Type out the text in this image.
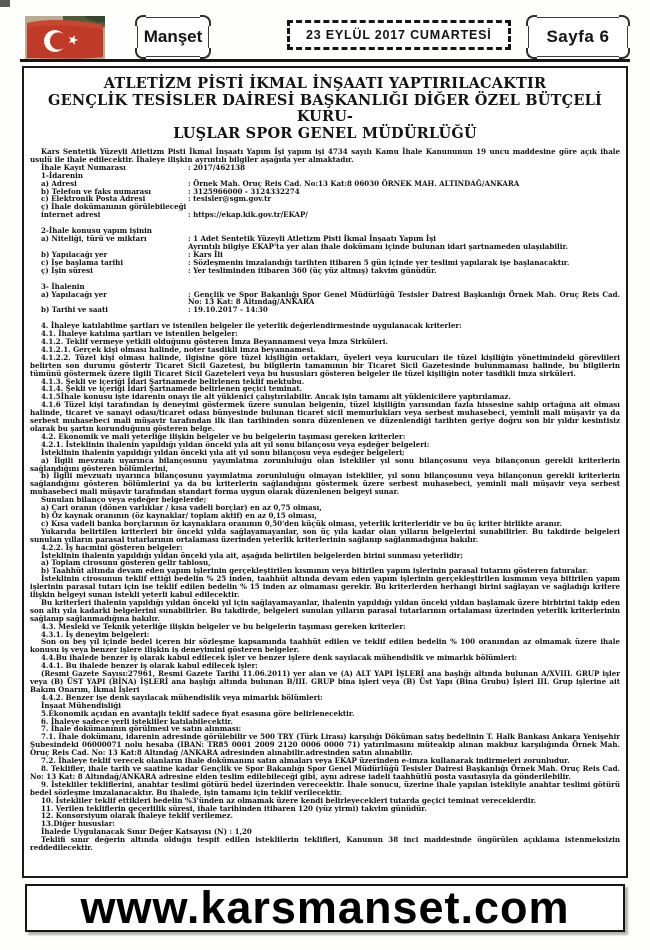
Manşet	23 EYLÜL 2017 CUMARTESİ	Sayfa 6
ATLETİZM PİSTİ İKMAL İNŞAATI YAPTIRILACAKTIR
GENÇLİK TESİSLER DAİRESİ BAŞKANLIĞI DİĞER ÖZEL BÜTÇELİ KURU-
LUŞLAR SPOR GENEL MÜDÜRLÜĞÜ

Kars Sentetik Yüzeyli Atletizm Pisti İkmal İnşaatı Yapım İşi yapım işi 4734 sayılı Kamu İhale Kanununun 19 uncu maddesine göre açık ihale usulü ile ihale edilecektir. İhaleye ilişkin ayrıntılı bilgiler aşağıda yer almaktadır.

İhale Kayıt Numarası	: 2017/462138
1-İdarenin
a) Adresi	: Örnek Mah. Oruç Reis Cad. No:13 Kat:8 06030 ÖRNEK MAH. ALTINDAĞ/ANKARA
b) Telefon ve faks numarası	: 3125966000 - 3124332274
c) Elektronik Posta Adresi	: tesisler@sgm.gov.tr
ç) İhale dokümanının görülebileceği
internet adresi	: https://ekap.kik.gov.tr/EKAP/
2-İhale konusu yapım işinin
a) Niteliği, türü ve miktarı	: 1 Adet Sentetik Yüzeyli Atletizm Pisti İkmal İnşaatı Yapım İşi
Ayrıntılı bilgiye EKAP'ta yer alan ihale dokümanı içinde bulunan idari şartnameden ulaşılabilir.
b) Yapılacağı yer	: Kars İli
c) İşe başlama tarihi	: Sözleşmenin imzalandığı tarihten itibaren 5 gün içinde yer teslimi yapılarak işe başlanacaktır.
ç) İşin süresi	: Yer tesliminden itibaren 360 (üç yüz altmış) takvim günüdür.
3- İhalenin
a) Yapılacağı yer	: Gençlik ve Spor Bakanlığı Spor Genel Müdürlüğü Tesisler Dairesi Başkanlığı Örnek Mah. Oruç Reis Cad. No: 13 Kat: 8 Altındağ/ANKARA
b) Tarihi ve saati	: 19.10.2017 - 14:30

4. İhaleye katılabilme şartları ve istenilen belgeler ile yeterlik değerlendirmesinde uygulanacak kriterler:

4.1. İhaleye katılma şartları ve istenilen belgeler:

4.1.2. Teklif vermeye yetkili olduğunu gösteren İmza Beyannamesi veya İmza Sirküleri.

4.1.2.1. Gerçek kişi olması halinde, noter tasdikli imza beyannamesi.

4.1.2.2. Tüzel kişi olması halinde, ilgisine göre tüzel kişiliğin ortakları, üyeleri veya kurucuları ile tüzel kişiliğin yönetimindeki görevlileri belirten son durumu gösterir Ticaret Sicil Gazetesi, bu bilgilerin tamamının bir Ticaret Sicil Gazetesinde bulunmaması halinde, bu bilgilerin tümünü göstermek üzere ilgili Ticaret Sicil Gazeteleri veya bu hususları gösteren belgeler ile tüzel kişiliğin noter tasdikli imza sirküleri.

4.1.3. Şekli ve içeriği İdari Şartnamede belirlenen teklif mektubu.

4.1.4. Şekli ve içeriği İdari Şartnamede belirlenen geçici teminat.

4.1.5İhale konusu işte idarenin onayı ile alt yüklenici çalıştırılabilir. Ancak işin tamamı alt yüklenicilere yaptırılamaz.

4.1.6 Tüzel kişi tarafından iş deneyimi göstermek üzere sunulan belgenin, tüzel kişiliğin yarısından fazla hissesine sahip ortağına ait olması halinde, ticaret ve sanayi odası/ticaret odası bünyesinde bulunan ticaret sicil memurlukları veya serbest muhasebeci, yeminli mali müşavir ya da serbest muhasebeci mali müşavir tarafından ilk ilan tarihinden sonra düzenlenen ve düzenlendiği tarihten geriye doğru son bir yıldır kesintisiz olarak bu şartın korunduğunu gösteren belge.

4.2. Ekonomik ve mali yeterliğe ilişkin belgeler ve bu belgelerin taşıması gereken kriterler:

4.2.1. İsteklinin ihalenin yapıldığı yıldan önceki yıla ait yıl sonu bilançosu veya eşdeğer belgeleri:

İsteklinin ihalenin yapıldığı yıldan önceki yıla ait yıl sonu bilançosu veya eşdeğer belgeleri;

a) İlgili mevzuatı uyarınca bilançosunu yayımlatma zorunluluğu olan istekliler yıl sonu bilançosunu veya bilançonun gerekli kriterlerin sağlandığını gösteren bölümlerini,

b) İlgili mevzuatı uyarınca bilançosunu yayımlatma zorunluluğu olmayan istekliler, yıl sonu bilançosunu veya bilançonun gerekli kriterlerin sağlandığını gösteren bölümlerini ya da bu kriterlerin sağlandığını göstermek üzere serbest muhasebeci, yeminli mali müşavir veya serbest muhasebeci mali müşavir tarafından standart forma uygun olarak düzenlenen belgeyi sunar.

Sunulan bilanço veya eşdeğer belgelerde;

a) Cari oranın (dönen varlıklar / kısa vadeli borçlar) en az 0,75 olması,

b) Öz kaynak oranının (öz kaynaklar/ toplam aktif) en az 0,15 olması,

c) Kısa vadeli banka borçlarının öz kaynaklara oranının 0,50'den küçük olması, yeterlik kriterleridir ve bu üç kriter birlikte aranır.

Yukarıda belirtilen kriterleri bir önceki yılda sağlayamayanlar, son üç yıla kadar olan yılların belgelerini sunabilirler. Bu takdirde belgeleri sunulan yılların parasal tutarlarının ortalaması üzerinden yeterlik kriterlerinin sağlanıp sağlanmadığına bakılır.

4.2.2. İş hacmini gösteren belgeler:

İsteklinin ihalenin yapıldığı yıldan önceki yıla ait, aşağıda belirtilen belgelerden birini sunması yeterlidir;

a) Toplam cirosunu gösteren gelir tablosu,

b) Taahhüt altında devam eden yapım işlerinin gerçekleştirilen kısmının veya bitirilen yapım işlerinin parasal tutarını gösteren faturalar.

İsteklinin cirosunun teklif ettiği bedelin % 25 inden, taahhüt altında devam eden yapım işlerinin gerçekleştirilen kısmının veya bitirilen yapım işlerinin parasal tutarı için ise teklif edilen bedelin % 15 inden az olmaması gerekir. Bu kriterlerden herhangi birini sağlayan ve sağladığı kritere ilişkin belgeyi sunan istekli yeterli kabul edilecektir.

Bu kriterleri ihalenin yapıldığı yıldan önceki yıl için sağlayamayanlar, ihalenin yapıldığı yıldan önceki yıldan başlamak üzere birbirini takip eden son altı yıla kadarki belgelerini sunabilirler. Bu takdirde, belgeleri sunulan yılların parasal tutarlarının ortalaması üzerinden yeterlik kriterlerinin sağlanıp sağlanmadığına bakılır.

4.3. Mesleki ve Teknik yeterliğe ilişkin belgeler ve bu belgelerin taşıması gereken kriterler:

4.3.1. İş deneyim belgeleri:

Son on beş yıl içinde bedel içeren bir sözleşme kapsamında taahhüt edilen ve teklif edilen bedelin % 100 oranından az olmamak üzere ihale konusu iş veya benzer işlere ilişkin iş deneyimini gösteren belgeler.

4.4.Bu ihalede benzer iş olarak kabul edilecek işler ve benzer işlere denk sayılacak mühendislik ve mimarlık bölümleri:

4.4.1. Bu ihalede benzer iş olarak kabul edilecek işler:

(Resmi Gazete Sayısı:27961, Resmi Gazete Tarihi 11.06.2011) yer alan ve (A) ALT YAPI İŞLERİ ana başlığı altında bulunan A/XVIII. GRUP işler veya (B) ÜST YAPI (BİNA) İŞLERİ ana başlığı altında bulunan B/III. GRUP bina işleri veya (B) Üst Yapı (Bina Grubu) İşleri III. Grup işlerine ait Bakım Onarım, İkmal İşleri

4.4.2. Benzer işe denk sayılacak mühendislik veya mimarlık bölümleri:

İnşaat Mühendisliği

5.Ekonomik açıdan en avantajlı teklif sadece fiyat esasına göre belirlenecektir.

6. İhaleye sadece yerli istekliler katılabilecektir.

7. İhale dokümanının görülmesi ve satın alınması:

7.1. İhale dokümanı, idarenin adresinde görülebilir ve 500 TRY (Türk Lirası) karşılığı Döküman satış bedelinin T. Halk Bankası Ankara Yenişehir Şubesindeki 06000071 nolu hesaba (IBAN: TR85 0001 2009 2120 0006 0000 71) yatırılmasını müteakip alınan makbuz karşılığında Örnek Mah. Oruç Reis Cad. No: 13 Kat:8 Altındağ /ANKARA adresinden alınabilir.adresinden satın alınabilir.

7.2. İhaleye teklif verecek olanların ihale dokümanını satın almaları veya EKAP üzerinden e-imza kullanarak indirmeleri zorunludur.

8. Teklifler, ihale tarih ve saatine kadar Gençlik ve Spor Bakanlığı Spor Genel Müdürlüğü Tesisler Dairesi Başkanlığı Örnek Mah. Oruç Reis Cad. No: 13 Kat: 8 Altındağ/ANKARA adresine elden teslim edilebileceği gibi, aynı adrese iadeli taahhütlü posta vasıtasıyla da gönderilebilir.

9. İstekliler tekliflerini, anahtar teslimi götürü bedel üzerinden vereceektir. İhale sonucu, üzerine ihale yapılan istekliyle anahtar teslimi götürü bedel sözleşme imzalanacaktır. Bu ihalede, işin tamamı için teklif verilecektir.

10. İstekliler teklif ettikleri bedelin %3'ünden az olmamak üzere kendi belirleyecekleri tutarda geçici teminat vereceklerdir.

11. Verilen tekliflerin geçerlilik süresi, ihale tarihinden itibaren 120 (yüz yirmi) takvim günüdür.

12. Konsorsiyum olarak ihaleye teklif verilemez.

13.Diğer hususlar:

İhalede Uygulanacak Sınır Değer Katsayısı (N) : 1,20

Teklifi sınır değerin altında olduğu tespit edilen isteklilerin teklifleri, Kanunun 38 inci maddesinde öngörülen açıklama istenmeksizin reddedilecektir.

www.karsmanset.com
